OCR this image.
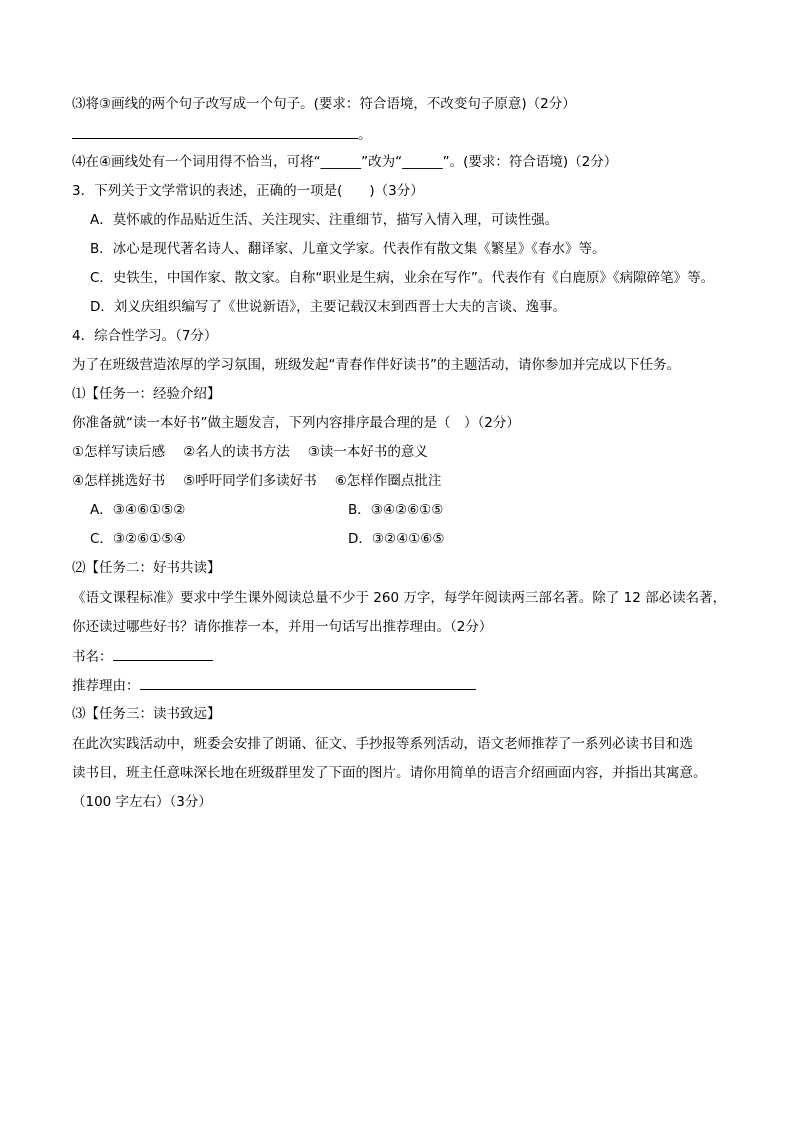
⑶将③画线的两个句子改写成一个句子。(要求：符合语境，不改变句子原意)（2分）
。
⑷在④画线处有一个词用得不恰当，可将“______”改为“______”。(要求：符合语境)（2分）
3．下列关于文学常识的表述，正确的一项是(　　)（3分）
A．莫怀戚的作品贴近生活、关注现实、注重细节，描写入情入理，可读性强。
B．冰心是现代著名诗人、翻译家、儿童文学家。代表作有散文集《繁星》《春水》等。
C．史铁生，中国作家、散文家。自称“职业是生病，业余在写作”。代表作有《白鹿原》《病隙碎笔》等。
D．刘义庆组织编写了《世说新语》，主要记载汉末到西晋士大夫的言谈、逸事。
4．综合性学习。（7分）
为了在班级营造浓厚的学习氛围，班级发起“青春作伴好读书”的主题活动，请你参加并完成以下任务。
⑴【任务一：经验介绍】
你准备就“读一本好书”做主题发言，下列内容排序最合理的是（　）（2分）
①怎样写读后感 ②名人的读书方法 ③读一本好书的意义
④怎样挑选好书 ⑤呼吁同学们多读好书 ⑥怎样作圈点批注
A．③④⑥①⑤②	B．③④②⑥①⑤
C．③②⑥①⑤④	D．③②④①⑥⑤
⑵【任务二：好书共读】
《语文课程标准》要求中学生课外阅读总量不少于 260 万字，每学年阅读两三部名著。除了 12 部必读名著，
你还读过哪些好书？请你推荐一本，并用一句话写出推荐理由。（2分）
书名：
推荐理由：
⑶【任务三：读书致远】
在此次实践活动中，班委会安排了朗诵、征文、手抄报等系列活动，语文老师推荐了一系列必读书目和选
读书目，班主任意味深长地在班级群里发了下面的图片。请你用简单的语言介绍画面内容，并指出其寓意。
（100 字左右）（3分）
